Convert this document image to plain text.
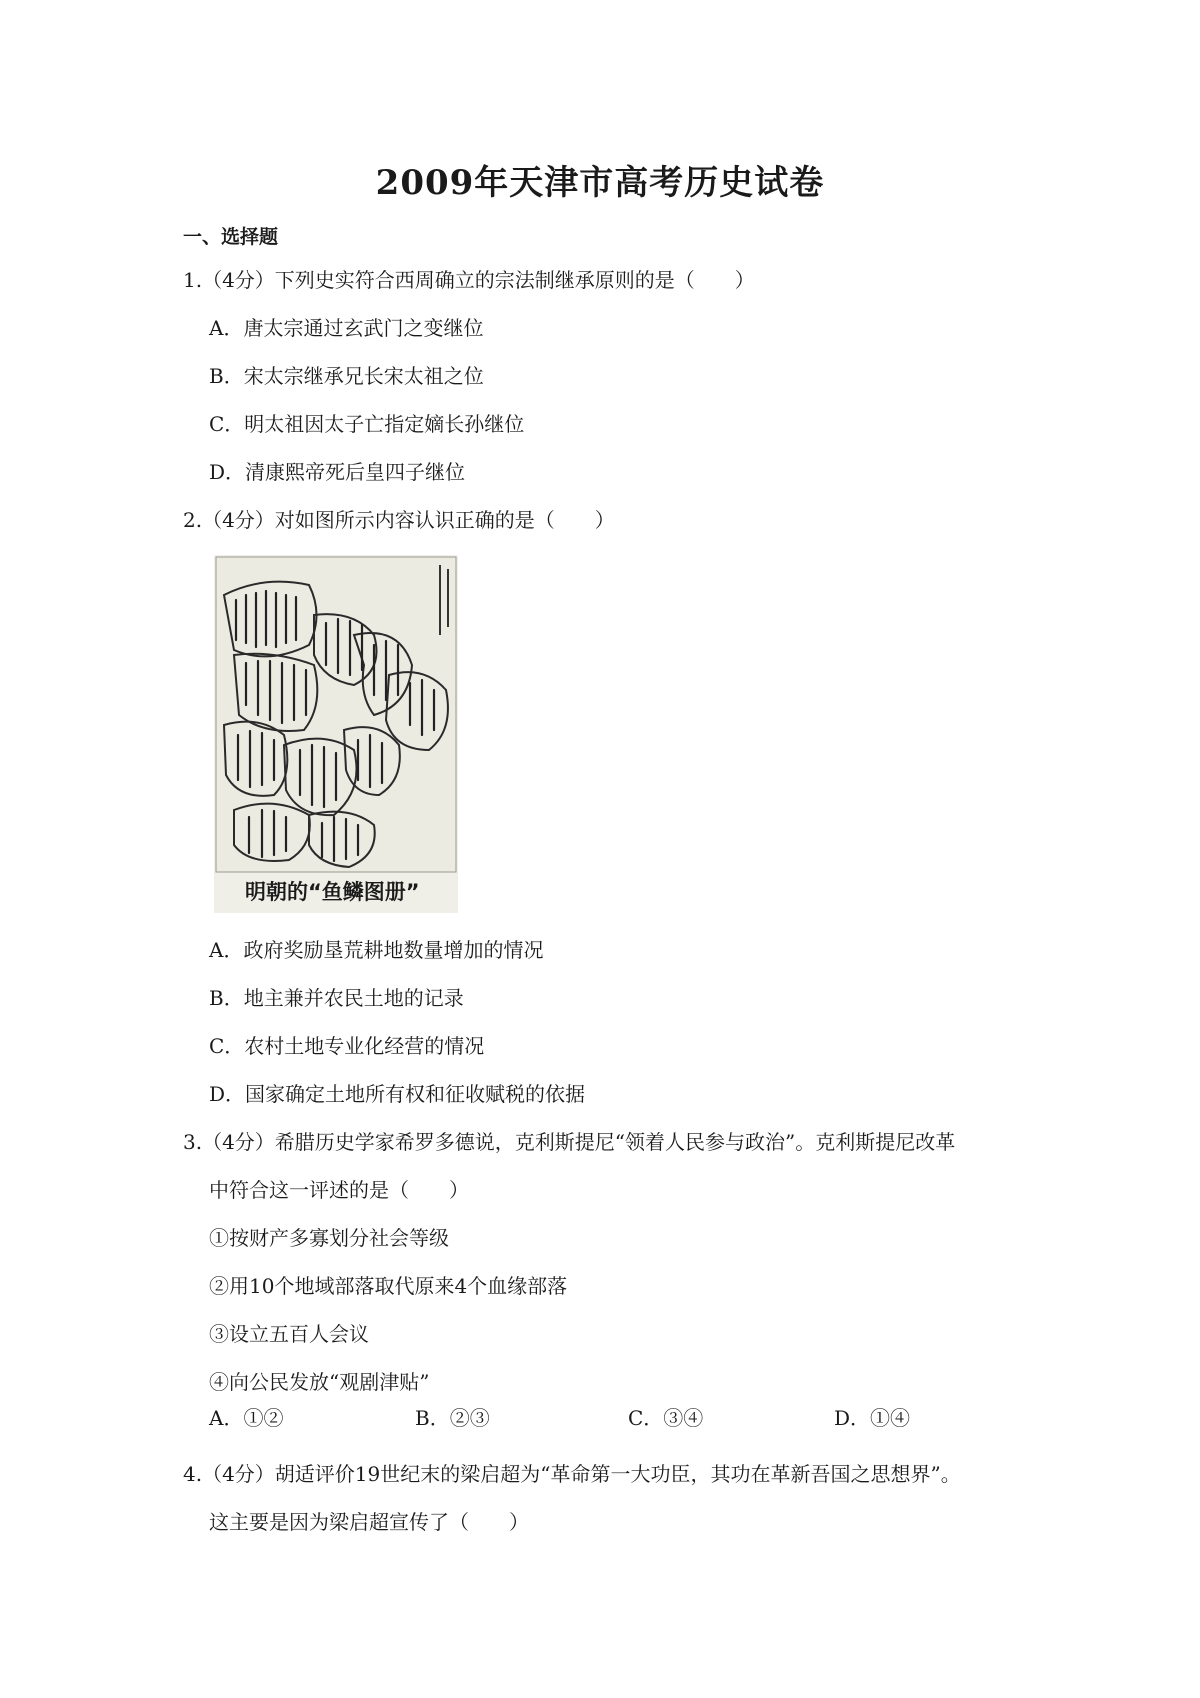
2009年天津市高考历史试卷
一、选择题
1.（4分）下列史实符合西周确立的宗法制继承原则的是（　　）
A．唐太宗通过玄武门之变继位
B．宋太宗继承兄长宋太祖之位
C．明太祖因太子亡指定嫡长孙继位
D．清康熙帝死后皇四子继位
2.（4分）对如图所示内容认识正确的是（　　）
明朝的“鱼鳞图册”
A．政府奖励垦荒耕地数量增加的情况
B．地主兼并农民土地的记录
C．农村土地专业化经营的情况
D．国家确定土地所有权和征收赋税的依据
3.（4分）希腊历史学家希罗多德说，克利斯提尼“领着人民参与政治”。克利斯提尼改革
中符合这一评述的是（　　）
①按财产多寡划分社会等级
②用10个地域部落取代原来4个血缘部落
③设立五百人会议
④向公民发放“观剧津贴”
A．①②	B．②③	C．③④	D．①④
4.（4分）胡适评价19世纪末的梁启超为“革命第一大功臣，其功在革新吾国之思想界”。
这主要是因为梁启超宣传了（　　）
